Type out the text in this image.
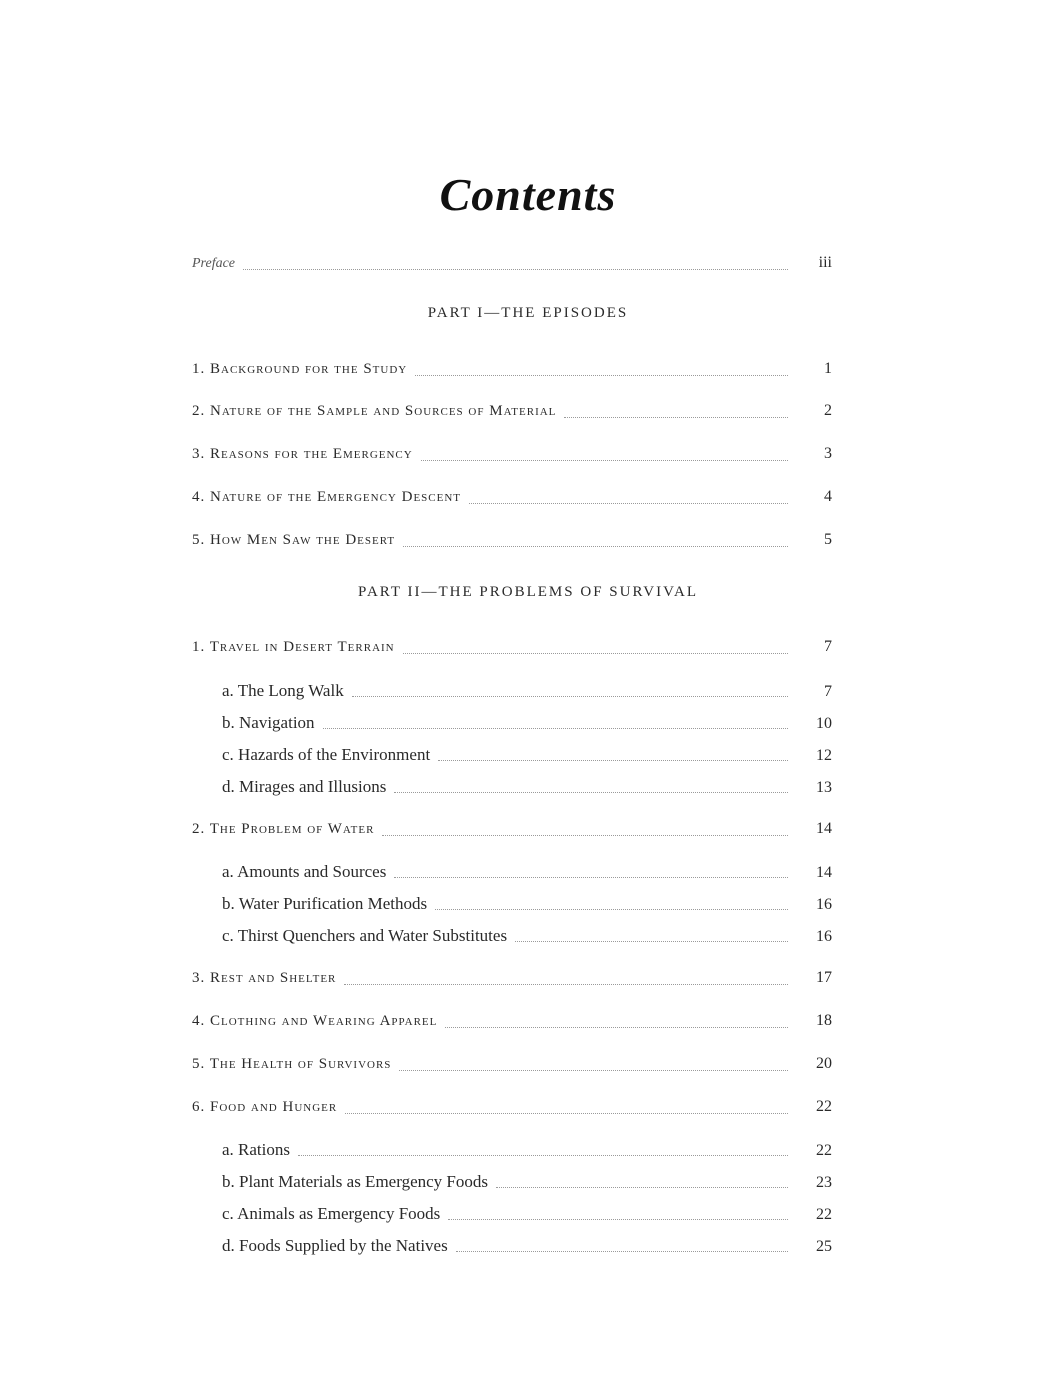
Contents
Preface	iii
PART I—THE EPISODES
1. Background for the Study	1
2. Nature of the Sample and Sources of Material	2
3. Reasons for the Emergency	3
4. Nature of the Emergency Descent	4
5. How Men Saw the Desert	5
PART II—THE PROBLEMS OF SURVIVAL
1. Travel in Desert Terrain	7
a. The Long Walk	7
b. Navigation	10
c. Hazards of the Environment	12
d. Mirages and Illusions	13
2. The Problem of Water	14
a. Amounts and Sources	14
b. Water Purification Methods	16
c. Thirst Quenchers and Water Substitutes	16
3. Rest and Shelter	17
4. Clothing and Wearing Apparel	18
5. The Health of Survivors	20
6. Food and Hunger	22
a. Rations	22
b. Plant Materials as Emergency Foods	23
c. Animals as Emergency Foods	22
d. Foods Supplied by the Natives	25
